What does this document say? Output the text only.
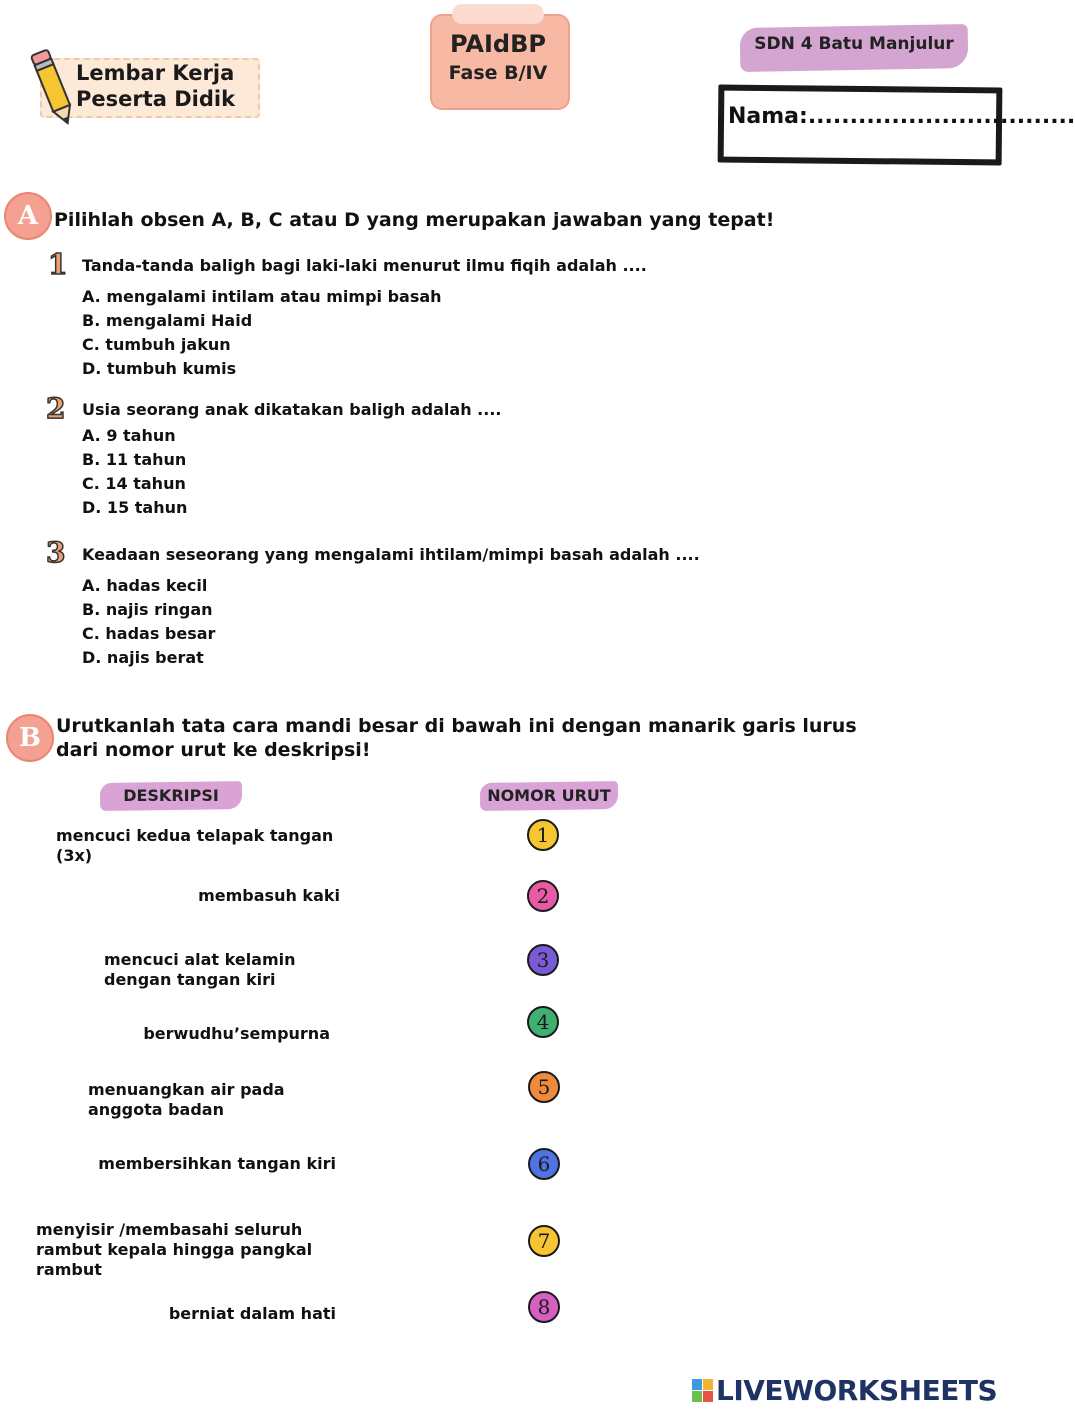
Lembar Kerja
Peserta Didik
PAIdBP
Fase B/IV
SDN 4 Batu Manjulur
Nama:................................
A Pilihlah obsen A, B, C atau D yang merupakan jawaban yang tepat!
1 Tanda-tanda baligh bagi laki-laki menurut ilmu fiqih adalah ....
A. mengalami intilam atau mimpi basah
B. mengalami Haid
C. tumbuh jakun
D. tumbuh kumis
2 Usia seorang anak dikatakan baligh adalah ....
A. 9 tahun
B. 11 tahun
C. 14 tahun
D. 15 tahun
3 Keadaan seseorang yang mengalami ihtilam/mimpi basah adalah ....
A. hadas kecil
B. najis ringan
C. hadas besar
D. najis berat
B Urutkanlah tata cara mandi besar di bawah ini dengan manarik garis lurus
dari nomor urut ke deskripsi!
DESKRIPSI	NOMOR URUT
mencuci kedua telapak tangan (3x)
membasuh kaki
mencuci alat kelamin dengan tangan kiri
berwudhu’sempurna
menuangkan air pada anggota badan
membersihkan tangan kiri
menyisir /membasahi seluruh rambut kepala hingga pangkal rambut
berniat dalam hati
1
2
3
4
5
6
7
8
LIVEWORKSHEETS
